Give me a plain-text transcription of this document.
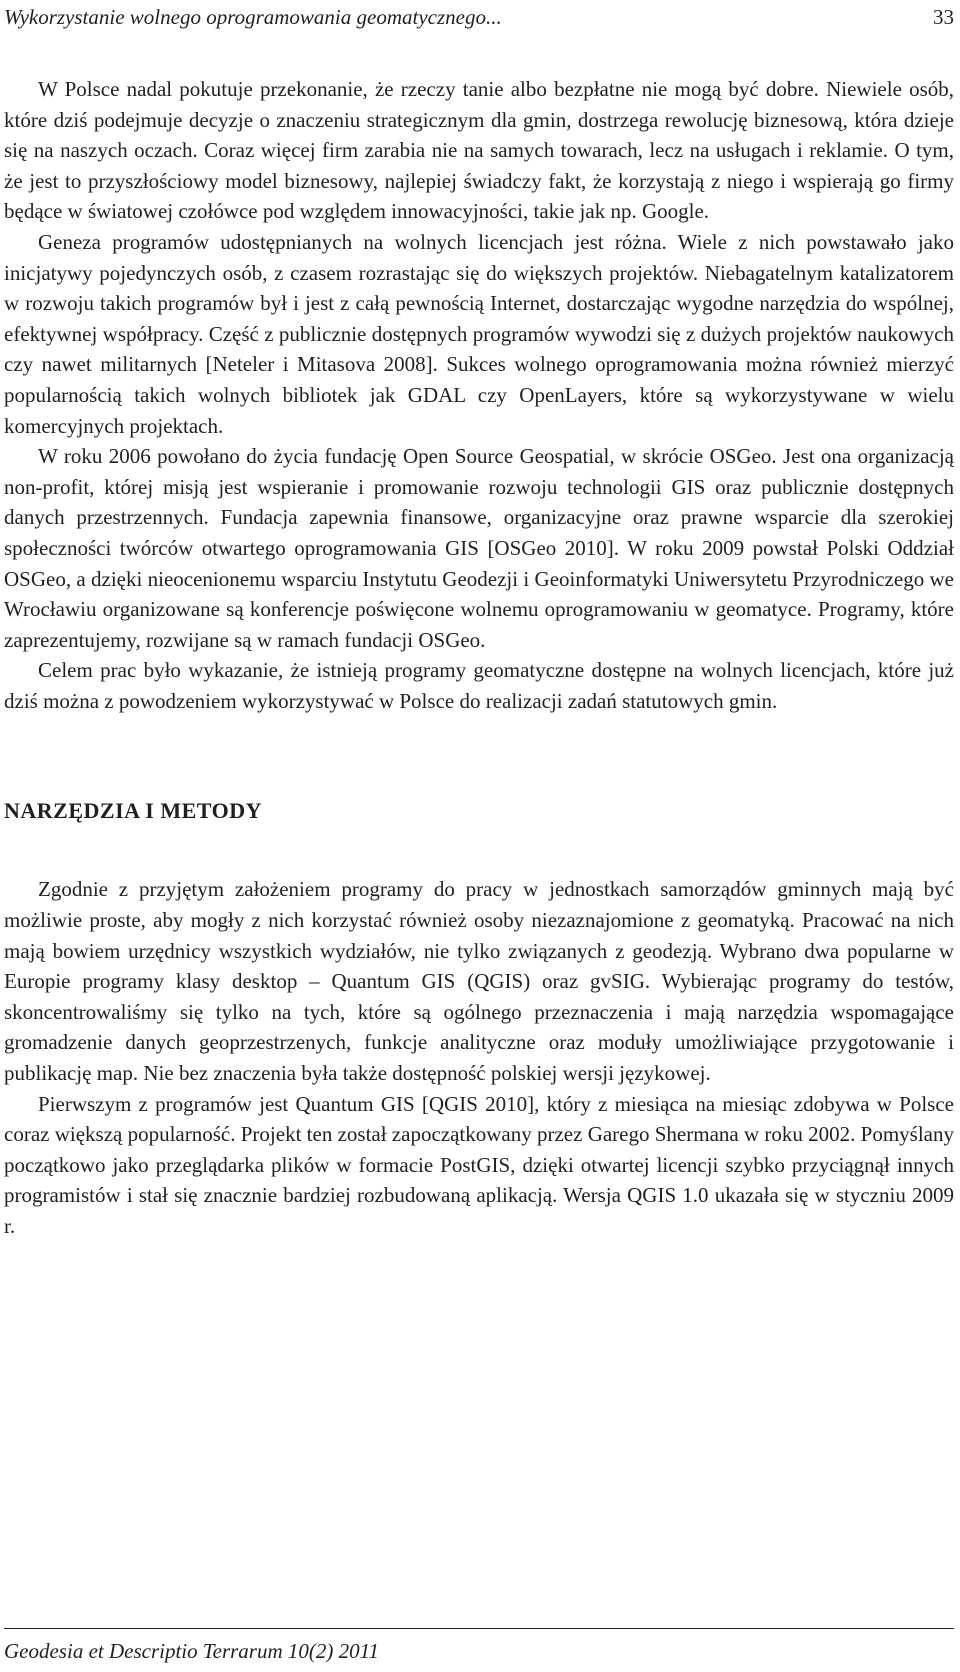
Wykorzystanie wolnego oprogramowania geomatycznego...	33

W Polsce nadal pokutuje przekonanie, że rzeczy tanie albo bezpłatne nie mogą być dobre. Niewiele osób, które dziś podejmuje decyzje o znaczeniu strategicznym dla gmin, dostrzega rewolucję biznesową, która dzieje się na naszych oczach. Coraz więcej firm zarabia nie na samych towarach, lecz na usługach i reklamie. O tym, że jest to przyszłościowy model biznesowy, najlepiej świadczy fakt, że korzystają z niego i wspierają go firmy będące w światowej czołówce pod względem innowacyjności, takie jak np. Google.

Geneza programów udostępnianych na wolnych licencjach jest różna. Wiele z nich powstawało jako inicjatywy pojedynczych osób, z czasem rozrastając się do większych projektów. Niebagatelnym katalizatorem w rozwoju takich programów był i jest z całą pewnością Internet, dostarczając wygodne narzędzia do wspólnej, efektywnej współpracy. Część z publicznie dostępnych programów wywodzi się z dużych projektów naukowych czy nawet militarnych [Neteler i Mitasova 2008]. Sukces wolnego oprogramowania można również mierzyć popularnością takich wolnych bibliotek jak GDAL czy OpenLayers, które są wykorzystywane w wielu komercyjnych projektach.

W roku 2006 powołano do życia fundację Open Source Geospatial, w skrócie OSGeo. Jest ona organizacją non-profit, której misją jest wspieranie i promowanie rozwoju technologii GIS oraz publicznie dostępnych danych przestrzennych. Fundacja zapewnia finansowe, organizacyjne oraz prawne wsparcie dla szerokiej społeczności twórców otwartego oprogramowania GIS [OSGeo 2010]. W roku 2009 powstał Polski Oddział OSGeo, a dzięki nieocenionemu wsparciu Instytutu Geodezji i Geoinformatyki Uniwersytetu Przyrodniczego we Wrocławiu organizowane są konferencje poświęcone wolnemu oprogramowaniu w geomatyce. Programy, które zaprezentujemy, rozwijane są w ramach fundacji OSGeo.

Celem prac było wykazanie, że istnieją programy geomatyczne dostępne na wolnych licencjach, które już dziś można z powodzeniem wykorzystywać w Polsce do realizacji zadań statutowych gmin.

NARZĘDZIA I METODY

Zgodnie z przyjętym założeniem programy do pracy w jednostkach samorządów gminnych mają być możliwie proste, aby mogły z nich korzystać również osoby niezaznajomione z geomatyką. Pracować na nich mają bowiem urzędnicy wszystkich wydziałów, nie tylko związanych z geodezją. Wybrano dwa popularne w Europie programy klasy desktop – Quantum GIS (QGIS) oraz gvSIG. Wybierając programy do testów, skoncentrowaliśmy się tylko na tych, które są ogólnego przeznaczenia i mają narzędzia wspomagające gromadzenie danych geoprzestrzenych, funkcje analityczne oraz moduły umożliwiające przygotowanie i publikację map. Nie bez znaczenia była także dostępność polskiej wersji językowej.

Pierwszym z programów jest Quantum GIS [QGIS 2010], który z miesiąca na miesiąc zdobywa w Polsce coraz większą popularność. Projekt ten został zapoczątkowany przez Garego Shermana w roku 2002. Pomyślany początkowo jako przeglądarka plików w formacie PostGIS, dzięki otwartej licencji szybko przyciągnął innych programistów i stał się znacznie bardziej rozbudowaną aplikacją. Wersja QGIS 1.0 ukazała się w styczniu 2009 r.

Geodesia et Descriptio Terrarum 10(2) 2011
